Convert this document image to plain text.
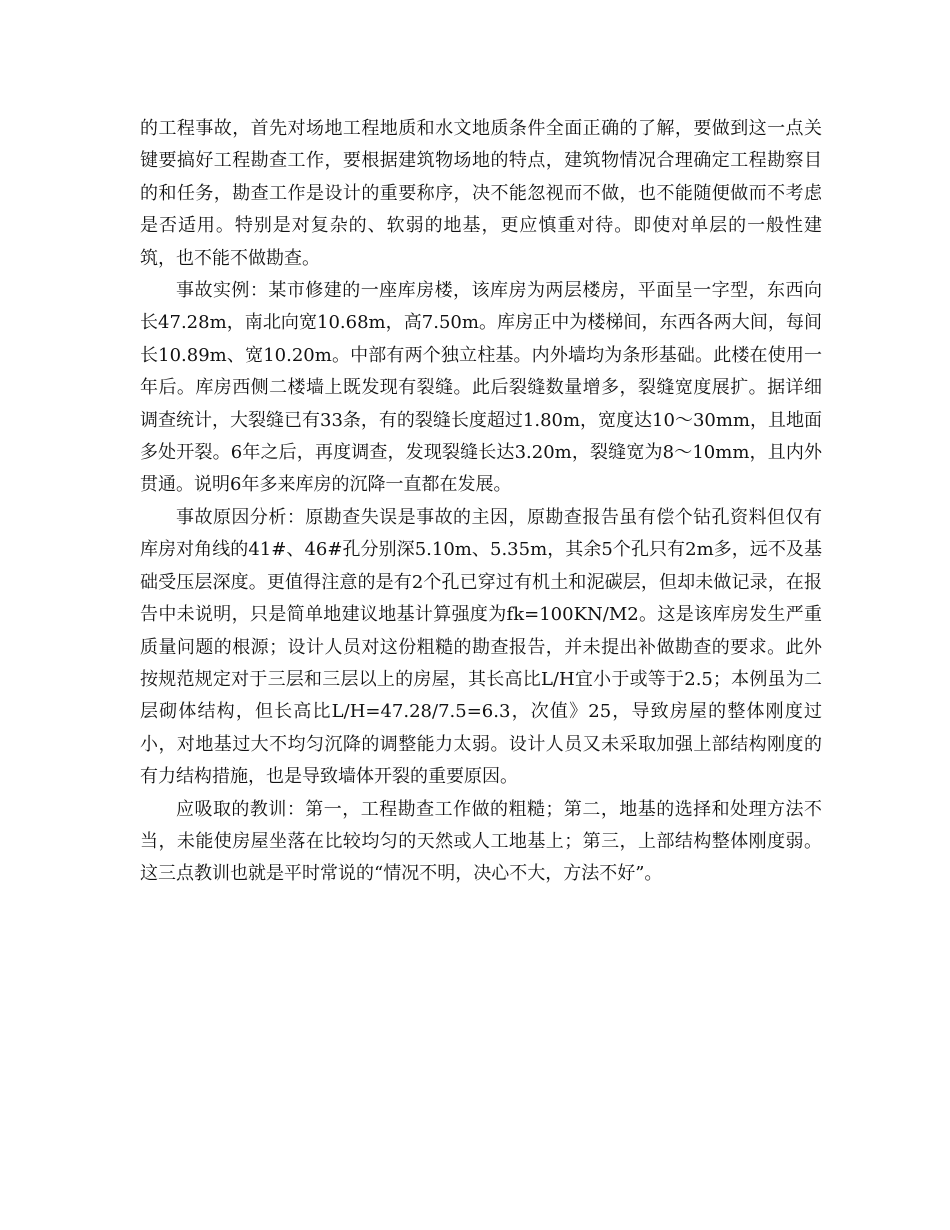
的工程事故，首先对场地工程地质和水文地质条件全面正确的了解，要做到这一点关键要搞好工程勘查工作，要根据建筑物场地的特点，建筑物情况合理确定工程勘察目的和任务，勘查工作是设计的重要称序，决不能忽视而不做，也不能随便做而不考虑是否适用。特别是对复杂的、软弱的地基，更应慎重对待。即使对单层的一般性建筑，也不能不做勘查。

事故实例：某市修建的一座库房楼，该库房为两层楼房，平面呈一字型，东西向长47.28m，南北向宽10.68m，高7.50m。库房正中为楼梯间，东西各两大间，每间长10.89m、宽10.20m。中部有两个独立柱基。内外墙均为条形基础。此楼在使用一年后。库房西侧二楼墙上既发现有裂缝。此后裂缝数量增多，裂缝宽度展扩。据详细调查统计，大裂缝已有33条，有的裂缝长度超过1.80m，宽度达10～30mm，且地面多处开裂。6年之后，再度调查，发现裂缝长达3.20m，裂缝宽为8～10mm，且内外贯通。说明6年多来库房的沉降一直都在发展。

事故原因分析：原勘查失误是事故的主因，原勘查报告虽有偿个钻孔资料但仅有库房对角线的41#、46#孔分别深5.10m、5.35m，其余5个孔只有2m多，远不及基础受压层深度。更值得注意的是有2个孔已穿过有机土和泥碳层，但却未做记录，在报告中未说明，只是简单地建议地基计算强度为fk=100KN/M2。这是该库房发生严重质量问题的根源；设计人员对这份粗糙的勘查报告，并未提出补做勘查的要求。此外按规范规定对于三层和三层以上的房屋，其长高比L/H宜小于或等于2.5；本例虽为二层砌体结构，但长高比L/H=47.28/7.5=6.3，次值》25，导致房屋的整体刚度过小，对地基过大不均匀沉降的调整能力太弱。设计人员又未采取加强上部结构刚度的有力结构措施，也是导致墙体开裂的重要原因。

应吸取的教训：第一，工程勘查工作做的粗糙；第二，地基的选择和处理方法不当，未能使房屋坐落在比较均匀的天然或人工地基上；第三，上部结构整体刚度弱。这三点教训也就是平时常说的“情况不明，决心不大，方法不好”。
